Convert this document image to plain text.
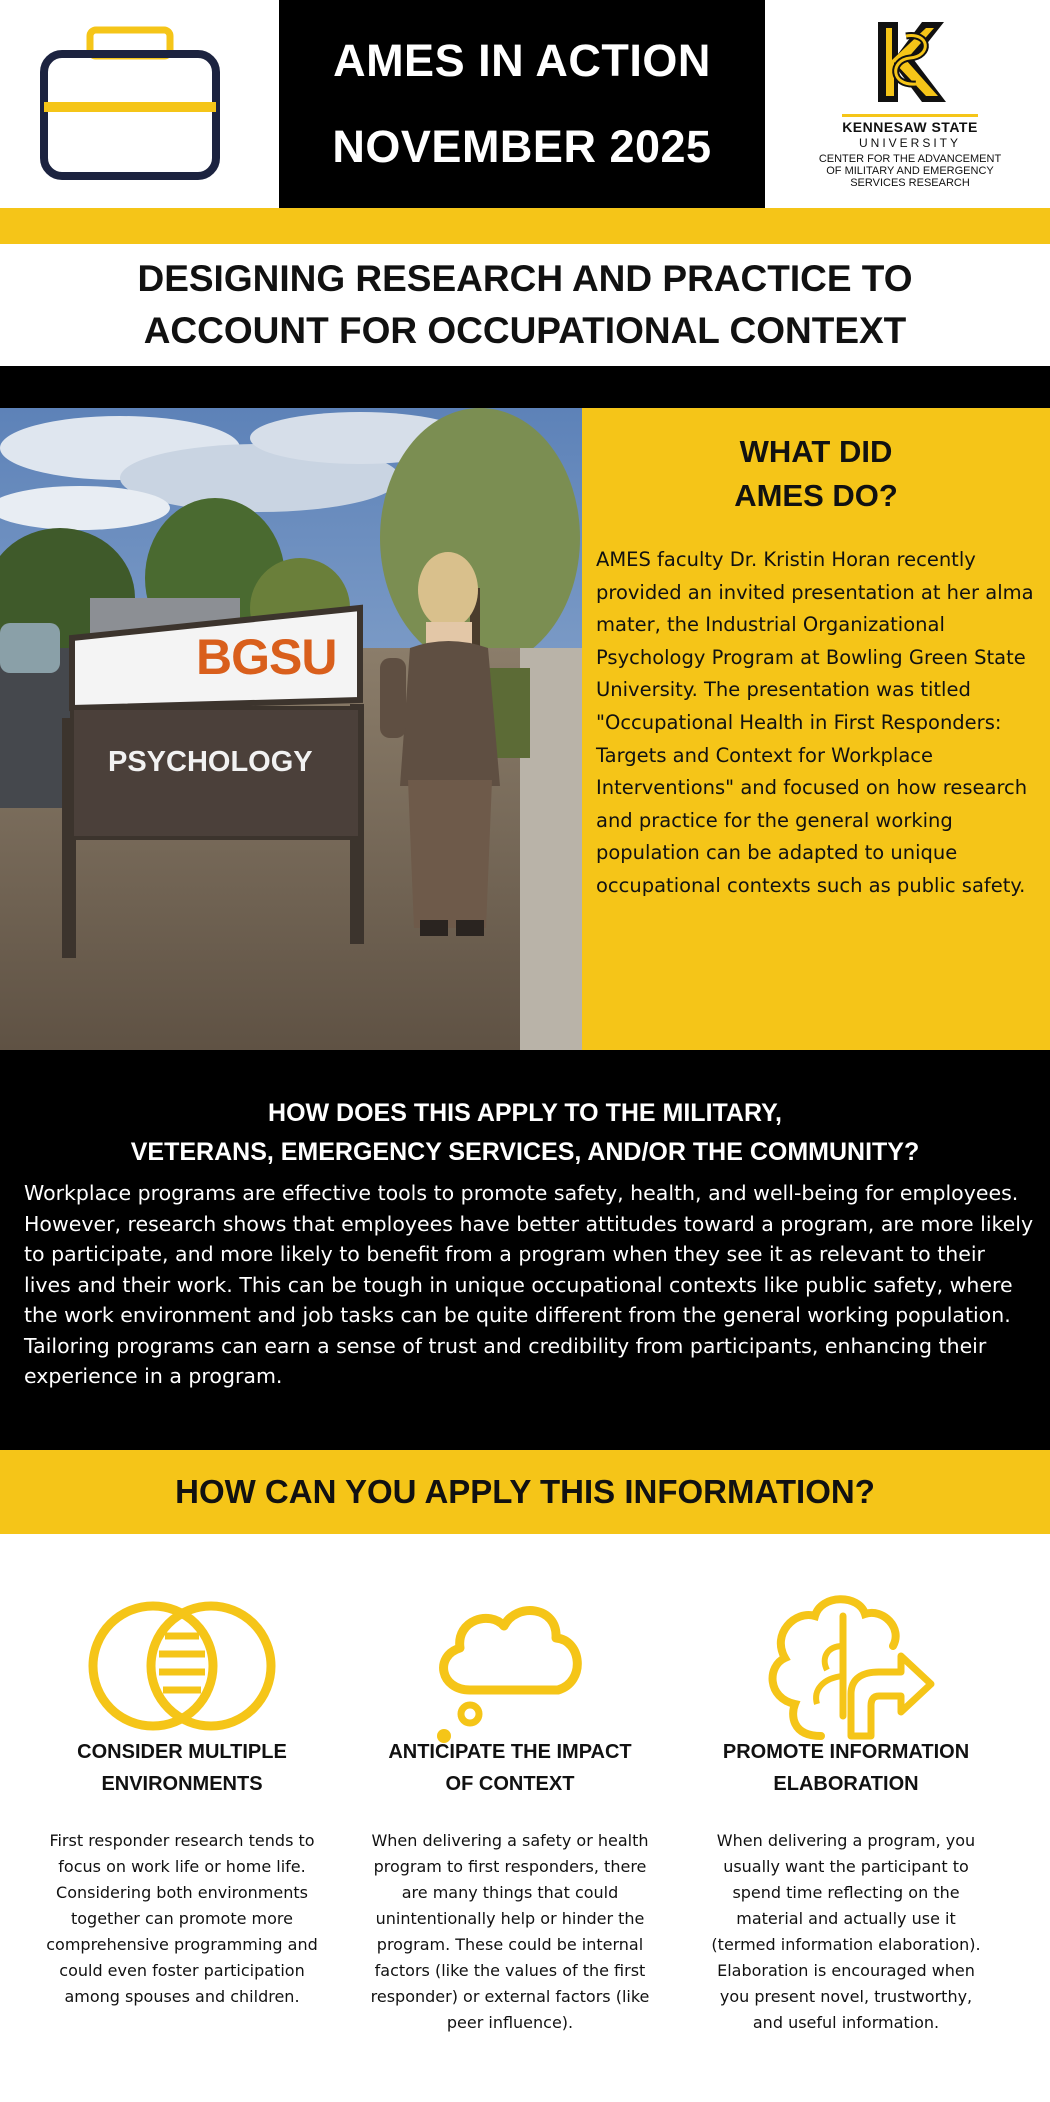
AMES IN ACTION
NOVEMBER 2025	KENNESAW STATE
UNIVERSITY
CENTER FOR THE ADVANCEMENT
OF MILITARY AND EMERGENCY
SERVICES RESEARCH
DESIGNING RESEARCH AND PRACTICE TO
ACCOUNT FOR OCCUPATIONAL CONTEXT
BGSU
PSYCHOLOGY
WHAT DID
AMES DO?
AMES faculty Dr. Kristin Horan recently provided an invited presentation at her alma mater, the Industrial Organizational Psychology Program at Bowling Green State University. The presentation was titled "Occupational Health in First Responders: Targets and Context for Workplace Interventions" and focused on how research and practice for the general working population can be adapted to unique occupational contexts such as public safety.
HOW DOES THIS APPLY TO THE MILITARY,
VETERANS, EMERGENCY SERVICES, AND/OR THE COMMUNITY?
Workplace programs are effective tools to promote safety, health, and well-being for employees. However, research shows that employees have better attitudes toward a program, are more likely to participate, and more likely to benefit from a program when they see it as relevant to their lives and their work. This can be tough in unique occupational contexts like public safety, where the work environment and job tasks can be quite different from the general working population. Tailoring programs can earn a sense of trust and credibility from participants, enhancing their experience in a program.
HOW CAN YOU APPLY THIS INFORMATION?
CONSIDER MULTIPLE
ENVIRONMENTS
First responder research tends to focus on work life or home life. Considering both environments together can promote more comprehensive programming and could even foster participation among spouses and children.
ANTICIPATE THE IMPACT
OF CONTEXT
When delivering a safety or health program to first responders, there are many things that could unintentionally help or hinder the program. These could be internal factors (like the values of the first responder) or external factors (like peer influence).
PROMOTE INFORMATION
ELABORATION
When delivering a program, you usually want the participant to spend time reflecting on the material and actually use it (termed information elaboration). Elaboration is encouraged when you present novel, trustworthy, and useful information.
